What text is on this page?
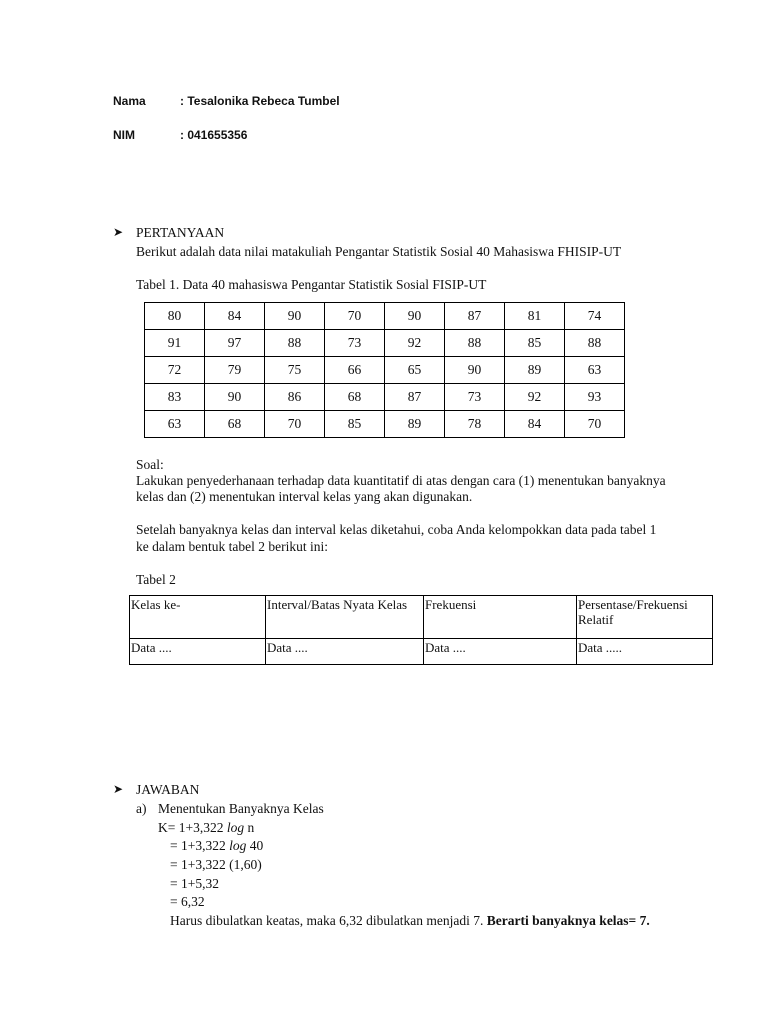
Nama	: Tesalonika Rebeca Tumbel
NIM	: 041655356
➤ PERTANYAAN
Berikut adalah data nilai matakuliah Pengantar Statistik Sosial 40 Mahasiswa FHISIP-UT
Tabel 1. Data 40 mahasiswa Pengantar Statistik Sosial FISIP-UT
80	84	90	70	90	87	81	74
91	97	88	73	92	88	85	88
72	79	75	66	65	90	89	63
83	90	86	68	87	73	92	93
63	68	70	85	89	78	84	70
Soal:
Lakukan penyederhanaan terhadap data kuantitatif di atas dengan cara (1) menentukan banyaknya
kelas dan (2) menentukan interval kelas yang akan digunakan.
Setelah banyaknya kelas dan interval kelas diketahui, coba Anda kelompokkan data pada tabel 1
ke dalam bentuk tabel 2 berikut ini:
Tabel 2
Kelas ke-	Interval/Batas Nyata Kelas	Frekuensi	Persentase/Frekuensi Relatif
Data ....	Data ....	Data ....	Data .....
➤ JAWABAN
a) Menentukan Banyaknya Kelas
K= 1+3,322 log n
= 1+3,322 log 40
= 1+3,322 (1,60)
= 1+5,32
= 6,32
Harus dibulatkan keatas, maka 6,32 dibulatkan menjadi 7. Berarti banyaknya kelas= 7.
